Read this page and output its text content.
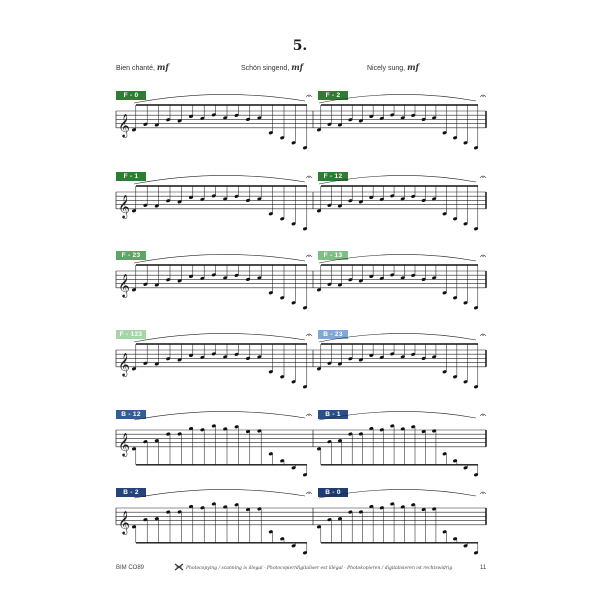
5.
Bien chanté, mf	Schön singend, mf	Nicely sung, mf
F - 0	F - 2
F - 1	F - 12
F - 23	F - 13
F - 123	B - 23
B - 12	B - 1
B - 2	B - 0
𝄞
𝄞
𝄞
𝄞
𝄞
𝄞
BIM CO89	Photocopying / scanning is illegal - Photocopier/digitaliser est illégal - Photokopieren / digitalisieren ist rechtswidrig	11
